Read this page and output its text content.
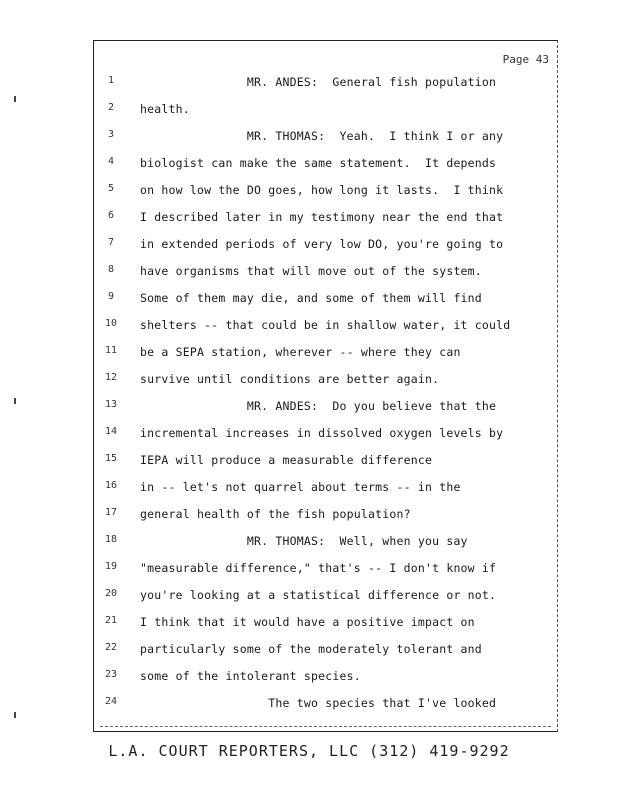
Page 43
1	MR. ANDES:  General fish population
2	health.
3	MR. THOMAS:  Yeah.  I think I or any
4	biologist can make the same statement.  It depends
5	on how low the DO goes, how long it lasts.  I think
6	I described later in my testimony near the end that
7	in extended periods of very low DO, you're going to
8	have organisms that will move out of the system.
9	Some of them may die, and some of them will find
10	shelters -- that could be in shallow water, it could
11	be a SEPA station, wherever -- where they can
12	survive until conditions are better again.
13	MR. ANDES:  Do you believe that the
14	incremental increases in dissolved oxygen levels by
15	IEPA will produce a measurable difference
16	in -- let's not quarrel about terms -- in the
17	general health of the fish population?
18	MR. THOMAS:  Well, when you say
19	"measurable difference," that's -- I don't know if
20	you're looking at a statistical difference or not.
21	I think that it would have a positive impact on
22	particularly some of the moderately tolerant and
23	some of the intolerant species.
24	The two species that I've looked
L.A. COURT REPORTERS, LLC (312) 419-9292
